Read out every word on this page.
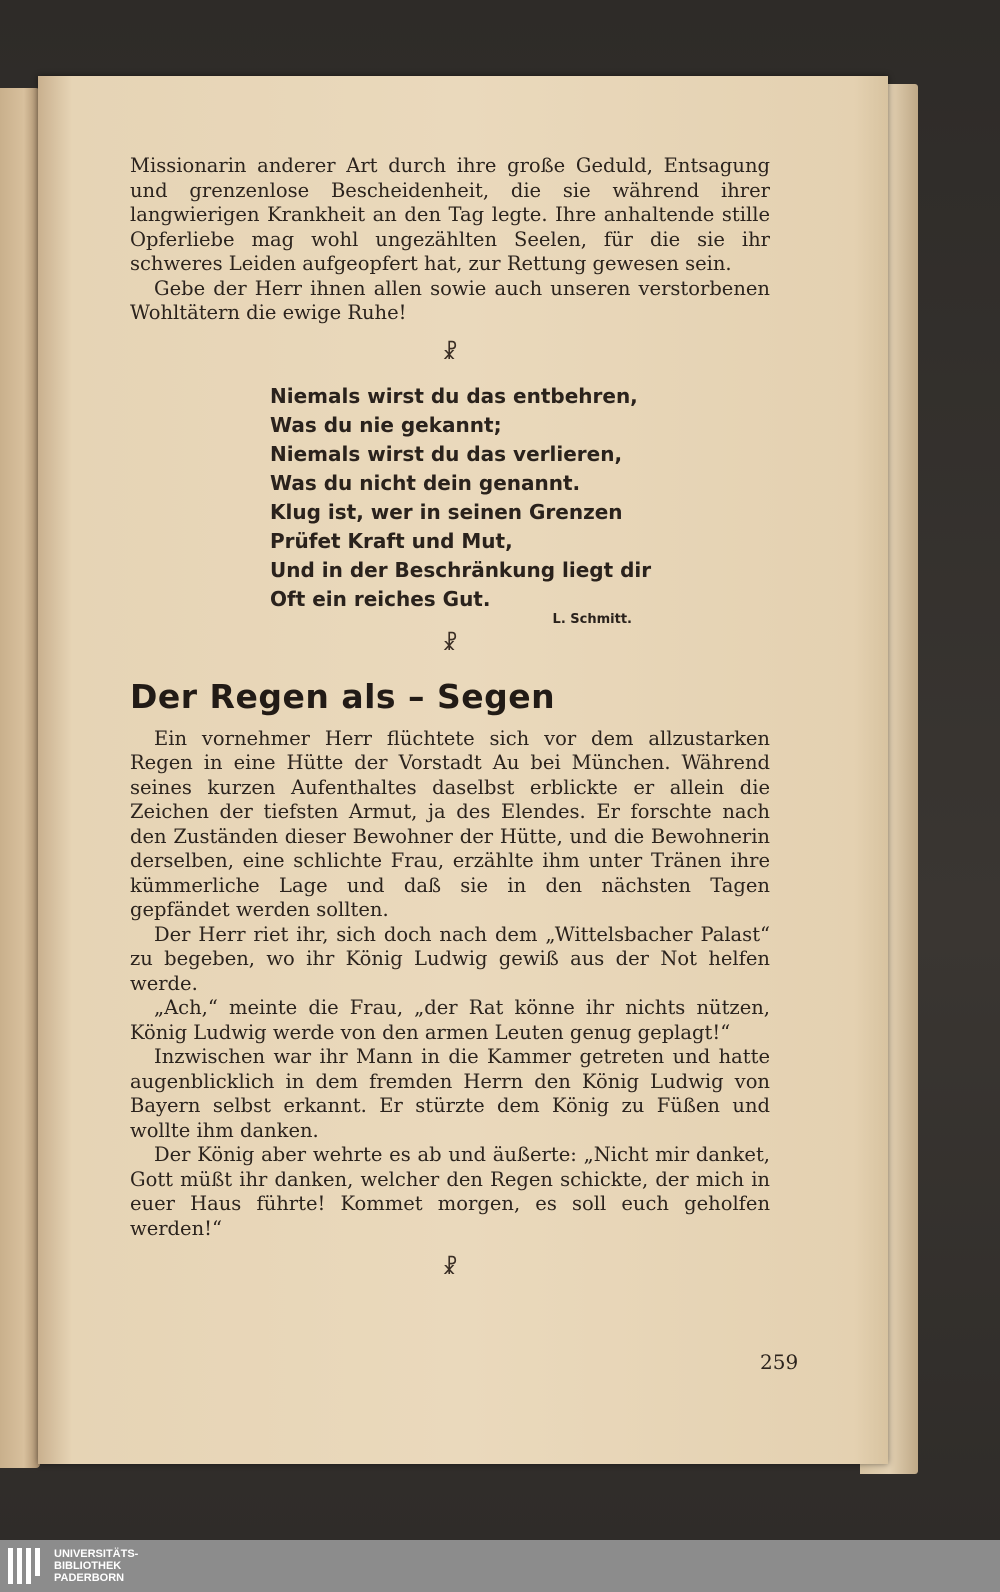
Missionarin anderer Art durch ihre große Geduld, Entsagung und grenzenlose Bescheidenheit, die sie während ihrer langwierigen Krankheit an den Tag legte. Ihre anhaltende stille Opferliebe mag wohl ungezählten Seelen, für die sie ihr schweres Leiden aufgeopfert hat, zur Rettung gewesen sein.

Gebe der Herr ihnen allen sowie auch unseren verstorbenen Wohltätern die ewige Ruhe!

☧
Niemals wirst du das entbehren,
Was du nie gekannt;
Niemals wirst du das verlieren,
Was du nicht dein genannt.
Klug ist, wer in seinen Grenzen
Prüfet Kraft und Mut,
Und in der Beschränkung liegt dir
Oft ein reiches Gut.
L. Schmitt.
☧
Der Regen als – Segen

Ein vornehmer Herr flüchtete sich vor dem allzustarken Regen in eine Hütte der Vorstadt Au bei München. Während seines kurzen Aufenthaltes daselbst erblickte er allein die Zeichen der tiefsten Armut, ja des Elendes. Er forschte nach den Zuständen dieser Bewohner der Hütte, und die Bewohnerin derselben, eine schlichte Frau, erzählte ihm unter Tränen ihre kümmerliche Lage und daß sie in den nächsten Tagen gepfändet werden sollten.

Der Herr riet ihr, sich doch nach dem „Wittelsbacher Palast“ zu begeben, wo ihr König Ludwig gewiß aus der Not helfen werde.

„Ach,“ meinte die Frau, „der Rat könne ihr nichts nützen, König Ludwig werde von den armen Leuten genug geplagt!“

Inzwischen war ihr Mann in die Kammer getreten und hatte augenblicklich in dem fremden Herrn den König Ludwig von Bayern selbst erkannt. Er stürzte dem König zu Füßen und wollte ihm danken.

Der König aber wehrte es ab und äußerte: „Nicht mir danket, Gott müßt ihr danken, welcher den Regen schickte, der mich in euer Haus führte! Kommet morgen, es soll euch geholfen werden!“

☧
259
UNIVERSITÄTS-
BIBLIOTHEK
PADERBORN
